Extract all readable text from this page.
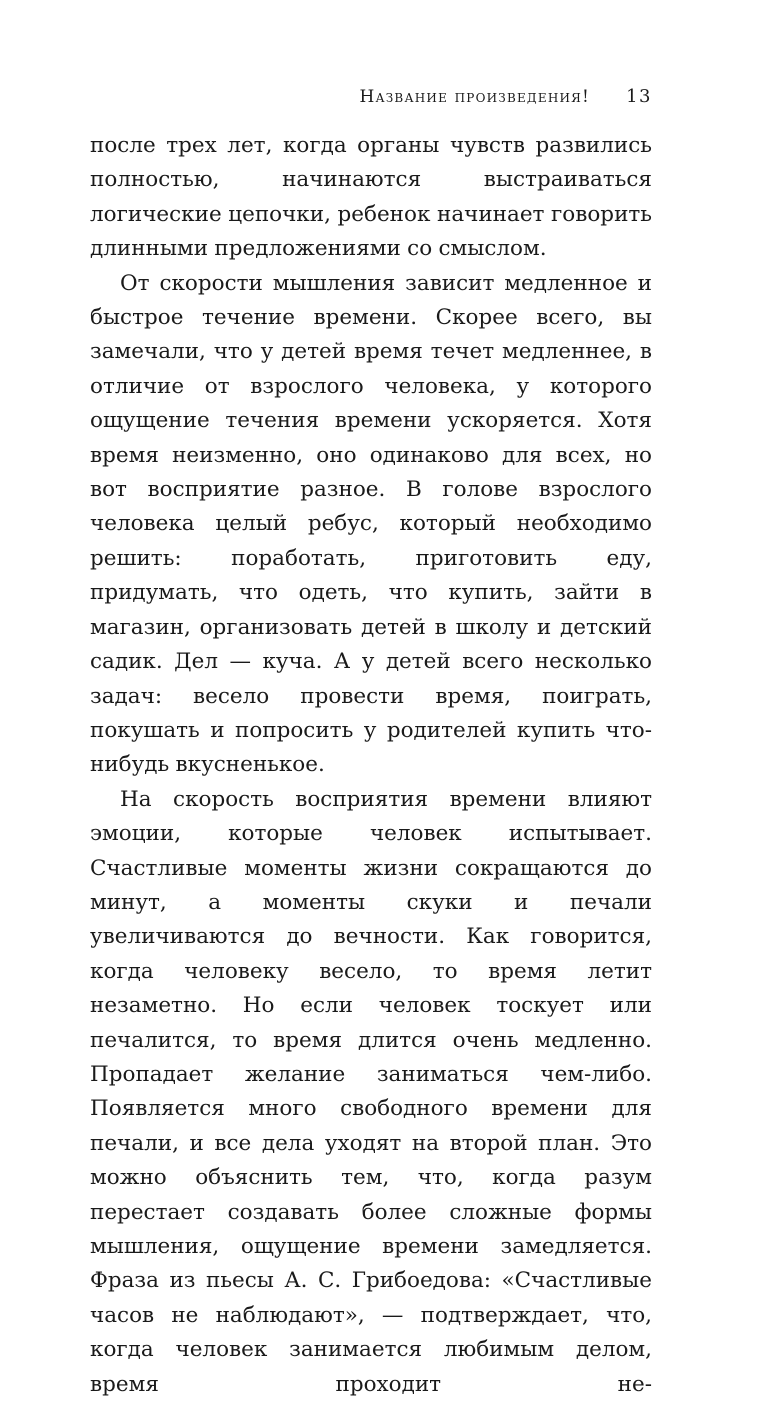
Название произведения! 13

после трех лет, когда органы чувств развились полностью, начинаются выстраиваться логические цепочки, ребенок начинает говорить длинными предложениями со смыслом.

От скорости мышления зависит медленное и быстрое течение времени. Скорее всего, вы замечали, что у детей время течет медленнее, в отличие от взрослого человека, у которого ощущение течения времени ускоряется. Хотя время неизменно, оно одинаково для всех, но вот восприятие разное. В голове взрослого человека целый ребус, который необходимо решить: поработать, приготовить еду, придумать, что одеть, что купить, зайти в магазин, организовать детей в школу и детский садик. Дел — куча. А у детей всего несколько задач: весело провести время, поиграть, покушать и попросить у родителей купить что-нибудь вкусненькое.

На скорость восприятия времени влияют эмоции, которые человек испытывает. Счастливые моменты жизни сокращаются до минут, а моменты скуки и печали увеличиваются до вечности. Как говорится, когда человеку весело, то время летит незаметно. Но если человек тоскует или печалится, то время длится очень медленно. Пропадает желание заниматься чем-либо. Появляется много свободного времени для печали, и все дела уходят на второй план. Это можно объяснить тем, что, когда разум перестает создавать более сложные формы мышления, ощущение времени замедляется. Фраза из пьесы А. С. Грибоедова: «Счастливые часов не наблюдают», — подтверждает, что, когда человек занимается любимым делом, время проходит не-
